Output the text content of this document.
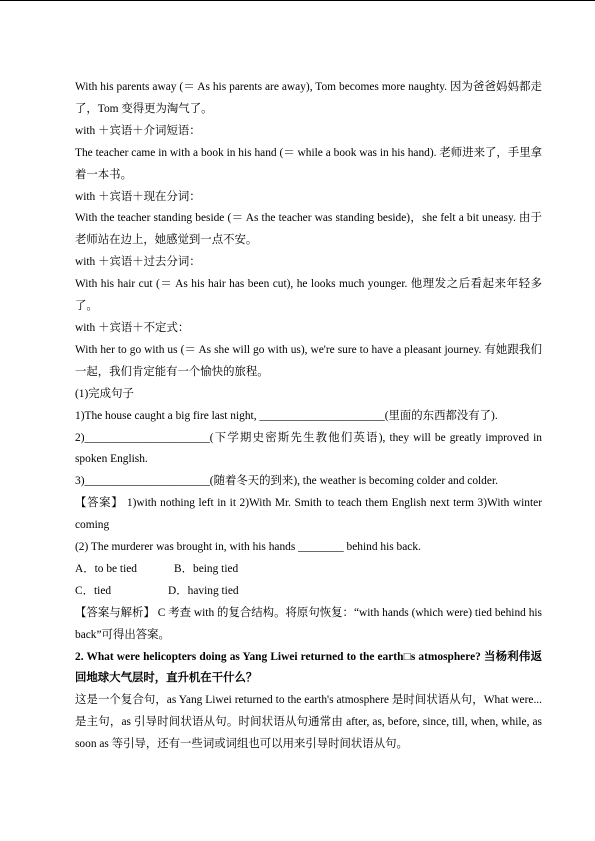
With his parents away (＝ As his parents are away), Tom becomes more naughty. 因为爸爸妈妈都走了，Tom 变得更为淘气了。

with ＋宾语＋介词短语：

The teacher came in with a book in his hand (＝ while a book was in his hand). 老师进来了，手里拿着一本书。

with ＋宾语＋现在分词：

With the teacher standing beside (＝ As the teacher was standing beside)，she felt a bit uneasy. 由于老师站在边上，她感觉到一点不安。

with ＋宾语＋过去分词：

With his hair cut (＝ As his hair has been cut), he looks much younger. 他理发之后看起来年轻多了。

with ＋宾语＋不定式：

With her to go with us (＝ As she will go with us), we're sure to have a pleasant journey. 有她跟我们一起，我们肯定能有一个愉快的旅程。

(1)完成句子

1)The house caught a big fire last night, ______________________(里面的东西都没有了).

2)______________________(下学期史密斯先生教他们英语), they will be greatly improved in spoken English.

3)______________________(随着冬天的到来), the weather is becoming colder and colder.

【答案】 1)with nothing left in it 2)With Mr. Smith to teach them English next term 3)With winter coming

(2) The murderer was brought in, with his hands ________ behind his back.

A．to be tied             B．being tied

C．tied                    D．having tied

【答案与解析】 C 考查 with 的复合结构。将原句恢复：“with hands (which were) tied behind his back”可得出答案。

2. What were helicopters doing as Yang Liwei returned to the earth□s atmosphere? 当杨利伟返回地球大气层时，直升机在干什么？

这是一个复合句，as Yang Liwei returned to the earth's atmosphere 是时间状语从句，What were...是主句，as 引导时间状语从句。时间状语从句通常由 after, as, before, since, till, when, while, as soon as 等引导，还有一些词或词组也可以用来引导时间状语从句。
